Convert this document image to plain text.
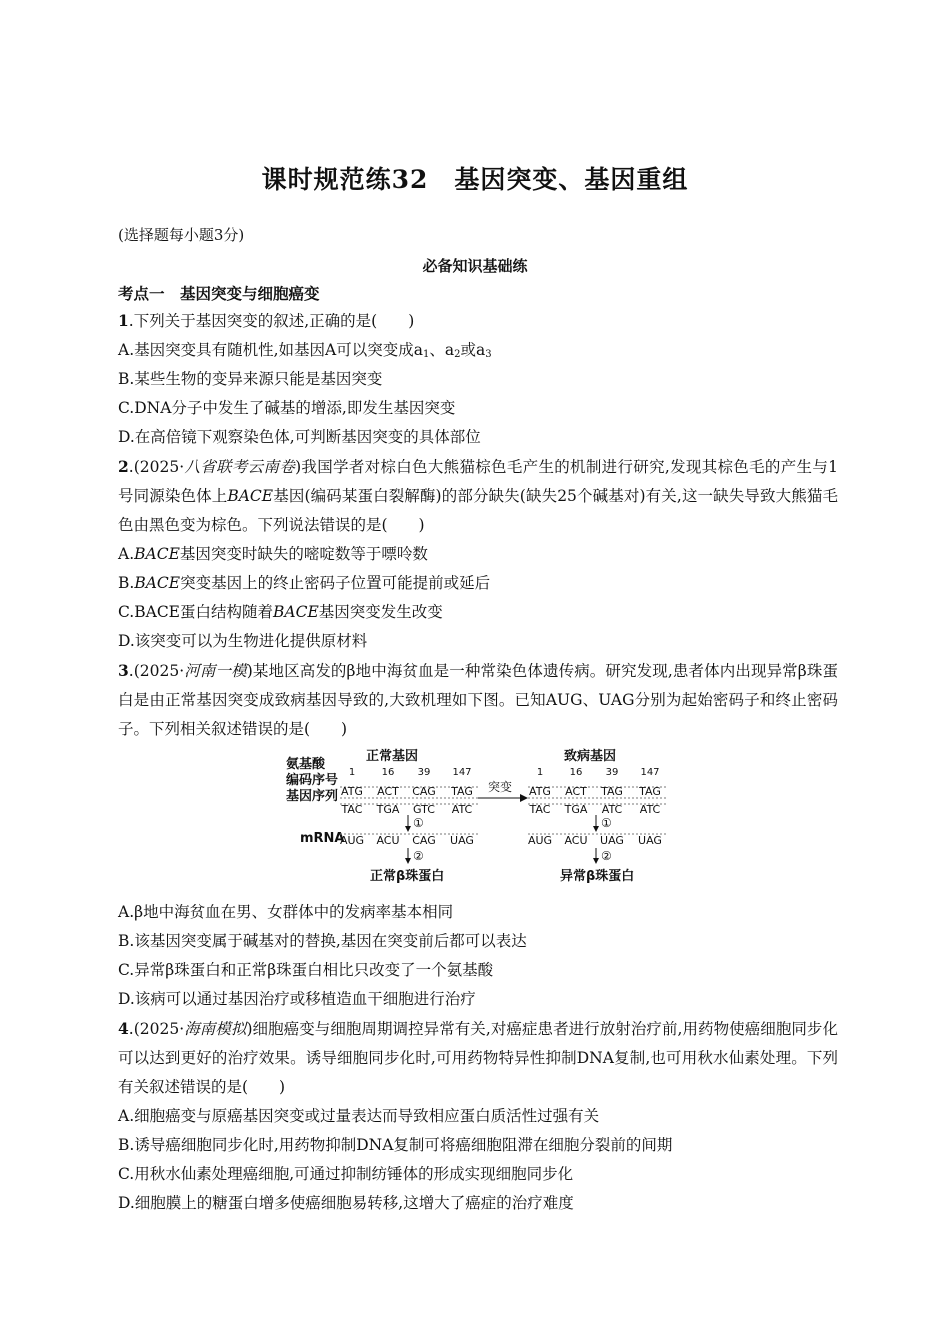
课时规范练32　基因突变、基因重组
(选择题每小题3分)
必备知识基础练
考点一　基因突变与细胞癌变
1.下列关于基因突变的叙述,正确的是(　　)
A.基因突变具有随机性,如基因A可以突变成$a_1$、$a_2$或$a_3$
B.某些生物的变异来源只能是基因突变
C.DNA分子中发生了碱基的增添,即发生基因突变
D.在高倍镜下观察染色体,可判断基因突变的具体部位
2.(2025·八省联考云南卷)我国学者对棕白色大熊猫棕色毛产生的机制进行研究,发现其棕色毛的产生与1号同源染色体上BACE基因(编码某蛋白裂解酶)的部分缺失(缺失25个碱基对)有关,这一缺失导致大熊猫毛色由黑色变为棕色。下列说法错误的是(　　)
A.BACE基因突变时缺失的嘧啶数等于嘌呤数
B.BACE突变基因上的终止密码子位置可能提前或延后
C.BACE蛋白结构随着BACE基因突变发生改变
D.该突变可以为生物进化提供原材料
3.(2025·河南一模)某地区高发的β地中海贫血是一种常染色体遗传病。研究发现,患者体内出现异常β珠蛋白是由正常基因突变成致病基因导致的,大致机理如下图。已知AUG、UAG分别为起始密码子和终止密码子。下列相关叙述错误的是(　　)
氨基酸
编码序号
基因序列
mRNA
正常基因	致病基因
正常β珠蛋白	异常β珠蛋白
1
ATG
TAC
AUG
16
ACT
TGA
ACU
39
CAG
GTC
CAG
147
TAG
ATC
UAG
①
②
1
ATG
TAC
AUG
16
ACT
TGA
ACU
39
TAG
ATC
UAG
147
TAG
ATC
UAG
①
②
突变
A.β地中海贫血在男、女群体中的发病率基本相同
B.该基因突变属于碱基对的替换,基因在突变前后都可以表达
C.异常β珠蛋白和正常β珠蛋白相比只改变了一个氨基酸
D.该病可以通过基因治疗或移植造血干细胞进行治疗
4.(2025·海南模拟)细胞癌变与细胞周期调控异常有关,对癌症患者进行放射治疗前,用药物使癌细胞同步化可以达到更好的治疗效果。诱导细胞同步化时,可用药物特异性抑制DNA复制,也可用秋水仙素处理。下列有关叙述错误的是(　　)
A.细胞癌变与原癌基因突变或过量表达而导致相应蛋白质活性过强有关
B.诱导癌细胞同步化时,用药物抑制DNA复制可将癌细胞阻滞在细胞分裂前的间期
C.用秋水仙素处理癌细胞,可通过抑制纺锤体的形成实现细胞同步化
D.细胞膜上的糖蛋白增多使癌细胞易转移,这增大了癌症的治疗难度
